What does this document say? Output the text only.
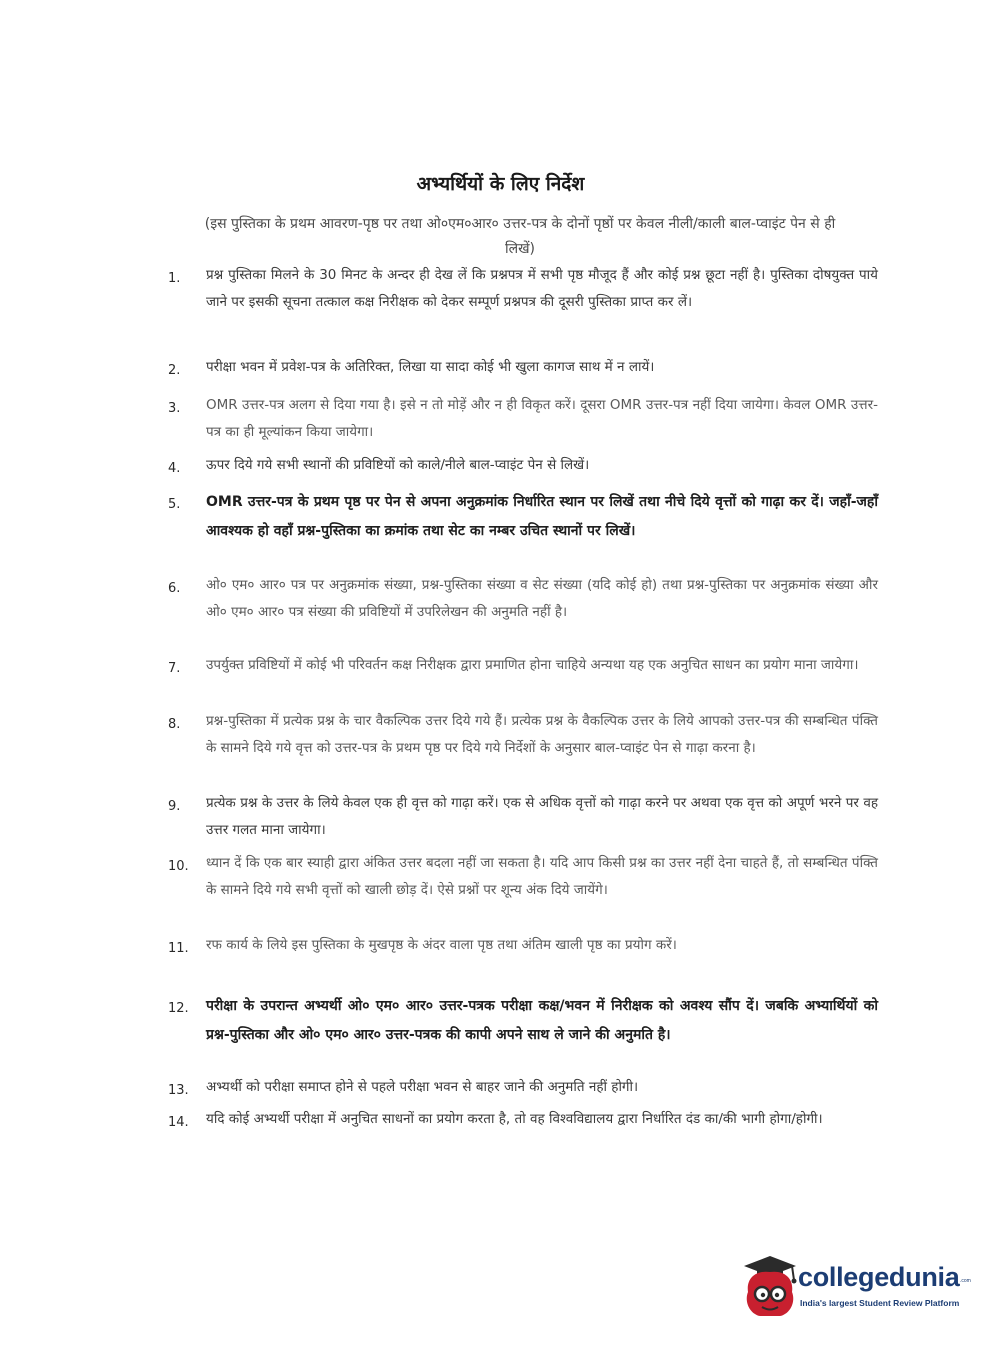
अभ्यर्थियों के लिए निर्देश
(इस पुस्तिका के प्रथम आवरण-पृष्ठ पर तथा ओ०एम०आर० उत्तर-पत्र के दोनों पृष्ठों पर केवल नीली/काली बाल-प्वाइंट पेन से ही लिखें)
1.	प्रश्न पुस्तिका मिलने के 30 मिनट के अन्दर ही देख लें कि प्रश्नपत्र में सभी पृष्ठ मौजूद हैं और कोई प्रश्न छूटा नहीं है। पुस्तिका दोषयुक्त पाये जाने पर इसकी सूचना तत्काल कक्ष निरीक्षक को देकर सम्पूर्ण प्रश्नपत्र की दूसरी पुस्तिका प्राप्त कर लें।
2.	परीक्षा भवन में प्रवेश-पत्र के अतिरिक्त, लिखा या सादा कोई भी खुला कागज साथ में न लायें।
3.	OMR उत्तर-पत्र अलग से दिया गया है। इसे न तो मोड़ें और न ही विकृत करें। दूसरा OMR उत्तर-पत्र नहीं दिया जायेगा। केवल OMR उत्तर-पत्र का ही मूल्यांकन किया जायेगा।
4.	ऊपर दिये गये सभी स्थानों की प्रविष्टियों को काले/नीले बाल-प्वाइंट पेन से लिखें।
5.	OMR उत्तर-पत्र के प्रथम पृष्ठ पर पेन से अपना अनुक्रमांक निर्धारित स्थान पर लिखें तथा नीचे दिये वृत्तों को गाढ़ा कर दें। जहाँ-जहाँ आवश्यक हो वहाँ प्रश्न-पुस्तिका का क्रमांक तथा सेट का नम्बर उचित स्थानों पर लिखें।
6.	ओ० एम० आर० पत्र पर अनुक्रमांक संख्या, प्रश्न-पुस्तिका संख्या व सेट संख्या (यदि कोई हो) तथा प्रश्न-पुस्तिका पर अनुक्रमांक संख्या और ओ० एम० आर० पत्र संख्या की प्रविष्टियों में उपरिलेखन की अनुमति नहीं है।
7.	उपर्युक्त प्रविष्टियों में कोई भी परिवर्तन कक्ष निरीक्षक द्वारा प्रमाणित होना चाहिये अन्यथा यह एक अनुचित साधन का प्रयोग माना जायेगा।
8.	प्रश्न-पुस्तिका में प्रत्येक प्रश्न के चार वैकल्पिक उत्तर दिये गये हैं। प्रत्येक प्रश्न के वैकल्पिक उत्तर के लिये आपको उत्तर-पत्र की सम्बन्धित पंक्ति के सामने दिये गये वृत्त को उत्तर-पत्र के प्रथम पृष्ठ पर दिये गये निर्देशों के अनुसार बाल-प्वाइंट पेन से गाढ़ा करना है।
9.	प्रत्येक प्रश्न के उत्तर के लिये केवल एक ही वृत्त को गाढ़ा करें। एक से अधिक वृत्तों को गाढ़ा करने पर अथवा एक वृत्त को अपूर्ण भरने पर वह उत्तर गलत माना जायेगा।
10.	ध्यान दें कि एक बार स्याही द्वारा अंकित उत्तर बदला नहीं जा सकता है। यदि आप किसी प्रश्न का उत्तर नहीं देना चाहते हैं, तो सम्बन्धित पंक्ति के सामने दिये गये सभी वृत्तों को खाली छोड़ दें। ऐसे प्रश्नों पर शून्य अंक दिये जायेंगे।
11.	रफ कार्य के लिये इस पुस्तिका के मुखपृष्ठ के अंदर वाला पृष्ठ तथा अंतिम खाली पृष्ठ का प्रयोग करें।
12.	परीक्षा के उपरान्त अभ्यर्थी ओ० एम० आर० उत्तर-पत्रक परीक्षा कक्ष/भवन में निरीक्षक को अवश्य सौंप दें। जबकि अभ्यार्थियों को प्रश्न-पुस्तिका और ओ० एम० आर० उत्तर-पत्रक की कापी अपने साथ ले जाने की अनुमति है।
13.	अभ्यर्थी को परीक्षा समाप्त होने से पहले परीक्षा भवन से बाहर जाने की अनुमति नहीं होगी।
14.	यदि कोई अभ्यर्थी परीक्षा में अनुचित साधनों का प्रयोग करता है, तो वह विश्वविद्यालय द्वारा निर्धारित दंड का/की भागी होगा/होगी।
collegedunia .com
India's largest Student Review Platform
